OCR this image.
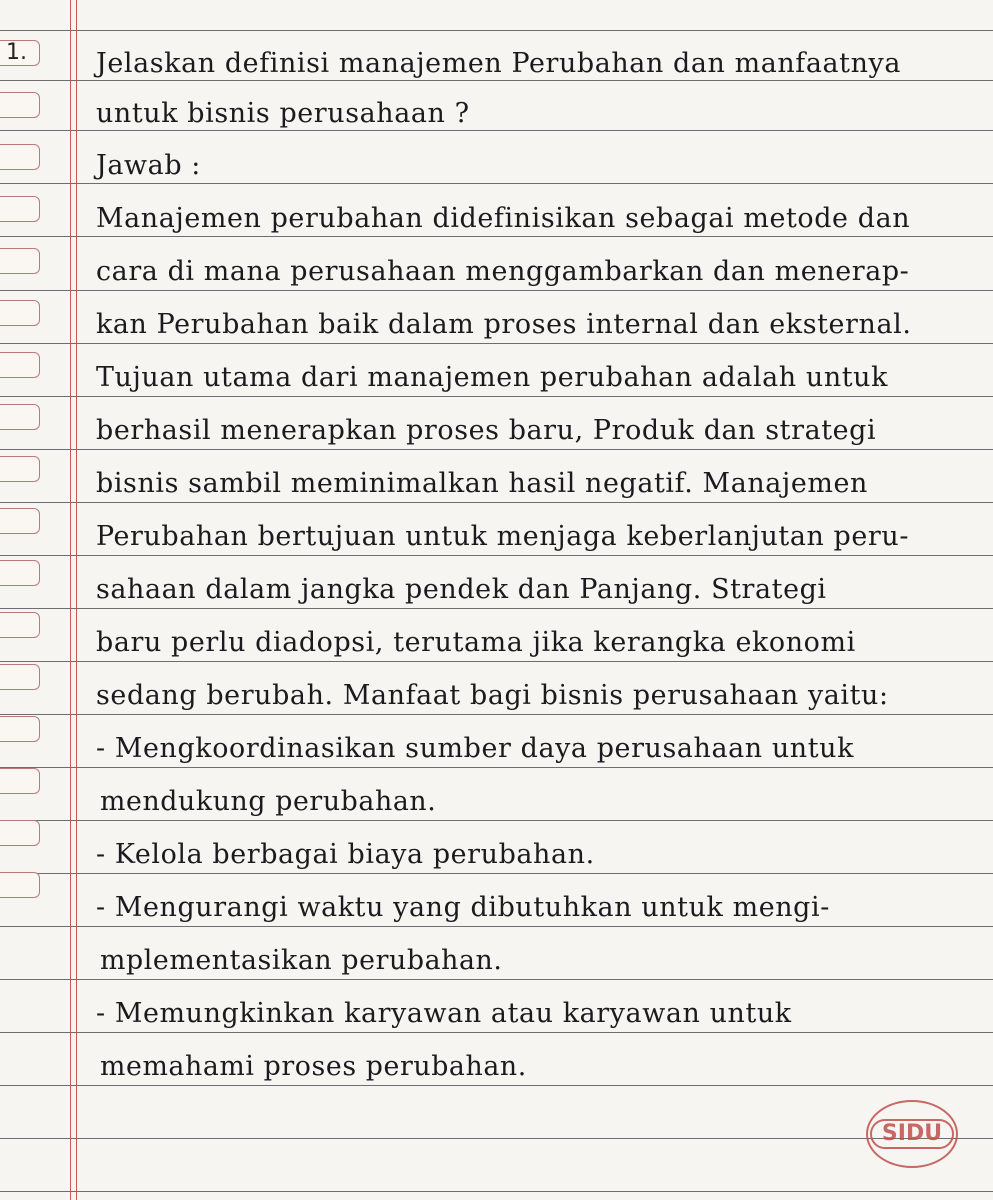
1.	Jelaskan definisi manajemen Perubahan dan manfaatnya
untuk bisnis perusahaan ?
Jawab :
Manajemen perubahan didefinisikan sebagai metode dan
cara di mana perusahaan menggambarkan dan menerap-
kan Perubahan baik dalam proses internal dan eksternal.
Tujuan utama dari manajemen perubahan adalah untuk
berhasil menerapkan proses baru, Produk dan strategi
bisnis sambil meminimalkan hasil negatif. Manajemen
Perubahan bertujuan untuk menjaga keberlanjutan peru-
sahaan dalam jangka pendek dan Panjang. Strategi
baru perlu diadopsi, terutama jika kerangka ekonomi
sedang berubah. Manfaat bagi bisnis perusahaan yaitu:
- Mengkoordinasikan sumber daya perusahaan untuk
mendukung perubahan.
- Kelola berbagai biaya perubahan.
- Mengurangi waktu yang dibutuhkan untuk mengi-
mplementasikan perubahan.
- Memungkinkan karyawan atau karyawan untuk
memahami proses perubahan.
SIDU
